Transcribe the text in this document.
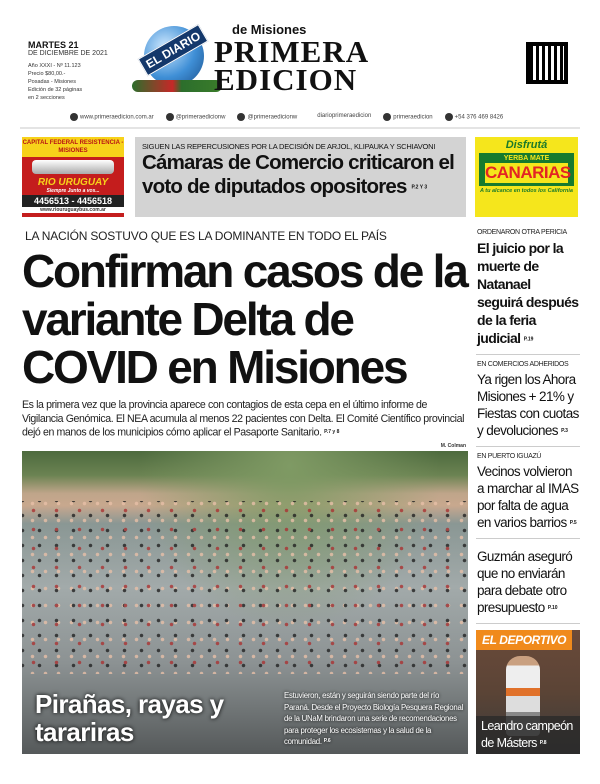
MARTES 21
DE DICIEMBRE DE 2021
Año XXXI - Nº 11.123
Precio $80,00.-
Posadas - Misiones
Edición de 32 páginas
en 2 secciones
EL DIARIO	de Misiones
PRIMERA
EDICION
www.primeraedicion.com.ar	@primeraedicionw	@primeraedicionw	diarioprimeraedicion	primeraedicion	+54 376 469 8426
CAPITAL FEDERAL RESISTENCIA - MISIONES
RIO URUGUAY
Siempre Junto a vos...
4456513 - 4456518
www.riouruguaybus.com.ar
SIGUEN LAS REPERCUSIONES POR LA DECISIÓN DE ARJOL, KLIPAUKA Y SCHIAVONI
Cámaras de Comercio criticaron el voto de diputados opositores P.2 Y 3
Disfrutá
YERBA MATE
CANARIAS
A tu alcance en todos los California
LA NACIÓN SOSTUVO QUE ES LA DOMINANTE EN TODO EL PAÍS
Confirman casos de la variante Delta de COVID en Misiones

Es la primera vez que la provincia aparece con contagios de esta cepa en el último informe de Vigilancia Genómica. El NEA acumula al menos 22 pacientes con Delta. El Comité Científico provincial dejó en manos de los municipios cómo aplicar el Pasaporte Sanitario. P.7 y 8

M. Colman
Pirañas, rayas y tarariras
Estuvieron, están y seguirán siendo parte del río Paraná. Desde el Proyecto Biología Pesquera Regional de la UNaM brindaron una serie de recomendaciones para proteger los ecosistemas y la salud de la comunidad. P.6
ORDENARON OTRA PERICIA
El juicio por la muerte de Natanael seguirá después de la feria judicial P.19
EN COMERCIOS ADHERIDOS
Ya rigen los Ahora Misiones + 21% y Fiestas con cuotas y devoluciones P.3
EN PUERTO IGUAZÚ
Vecinos volvieron a marchar al IMAS por falta de agua en varios barrios P.5
Guzmán aseguró que no enviarán para debate otro presupuesto P.10
EL DEPORTIVO
Leandro campeón de Másters P.8
